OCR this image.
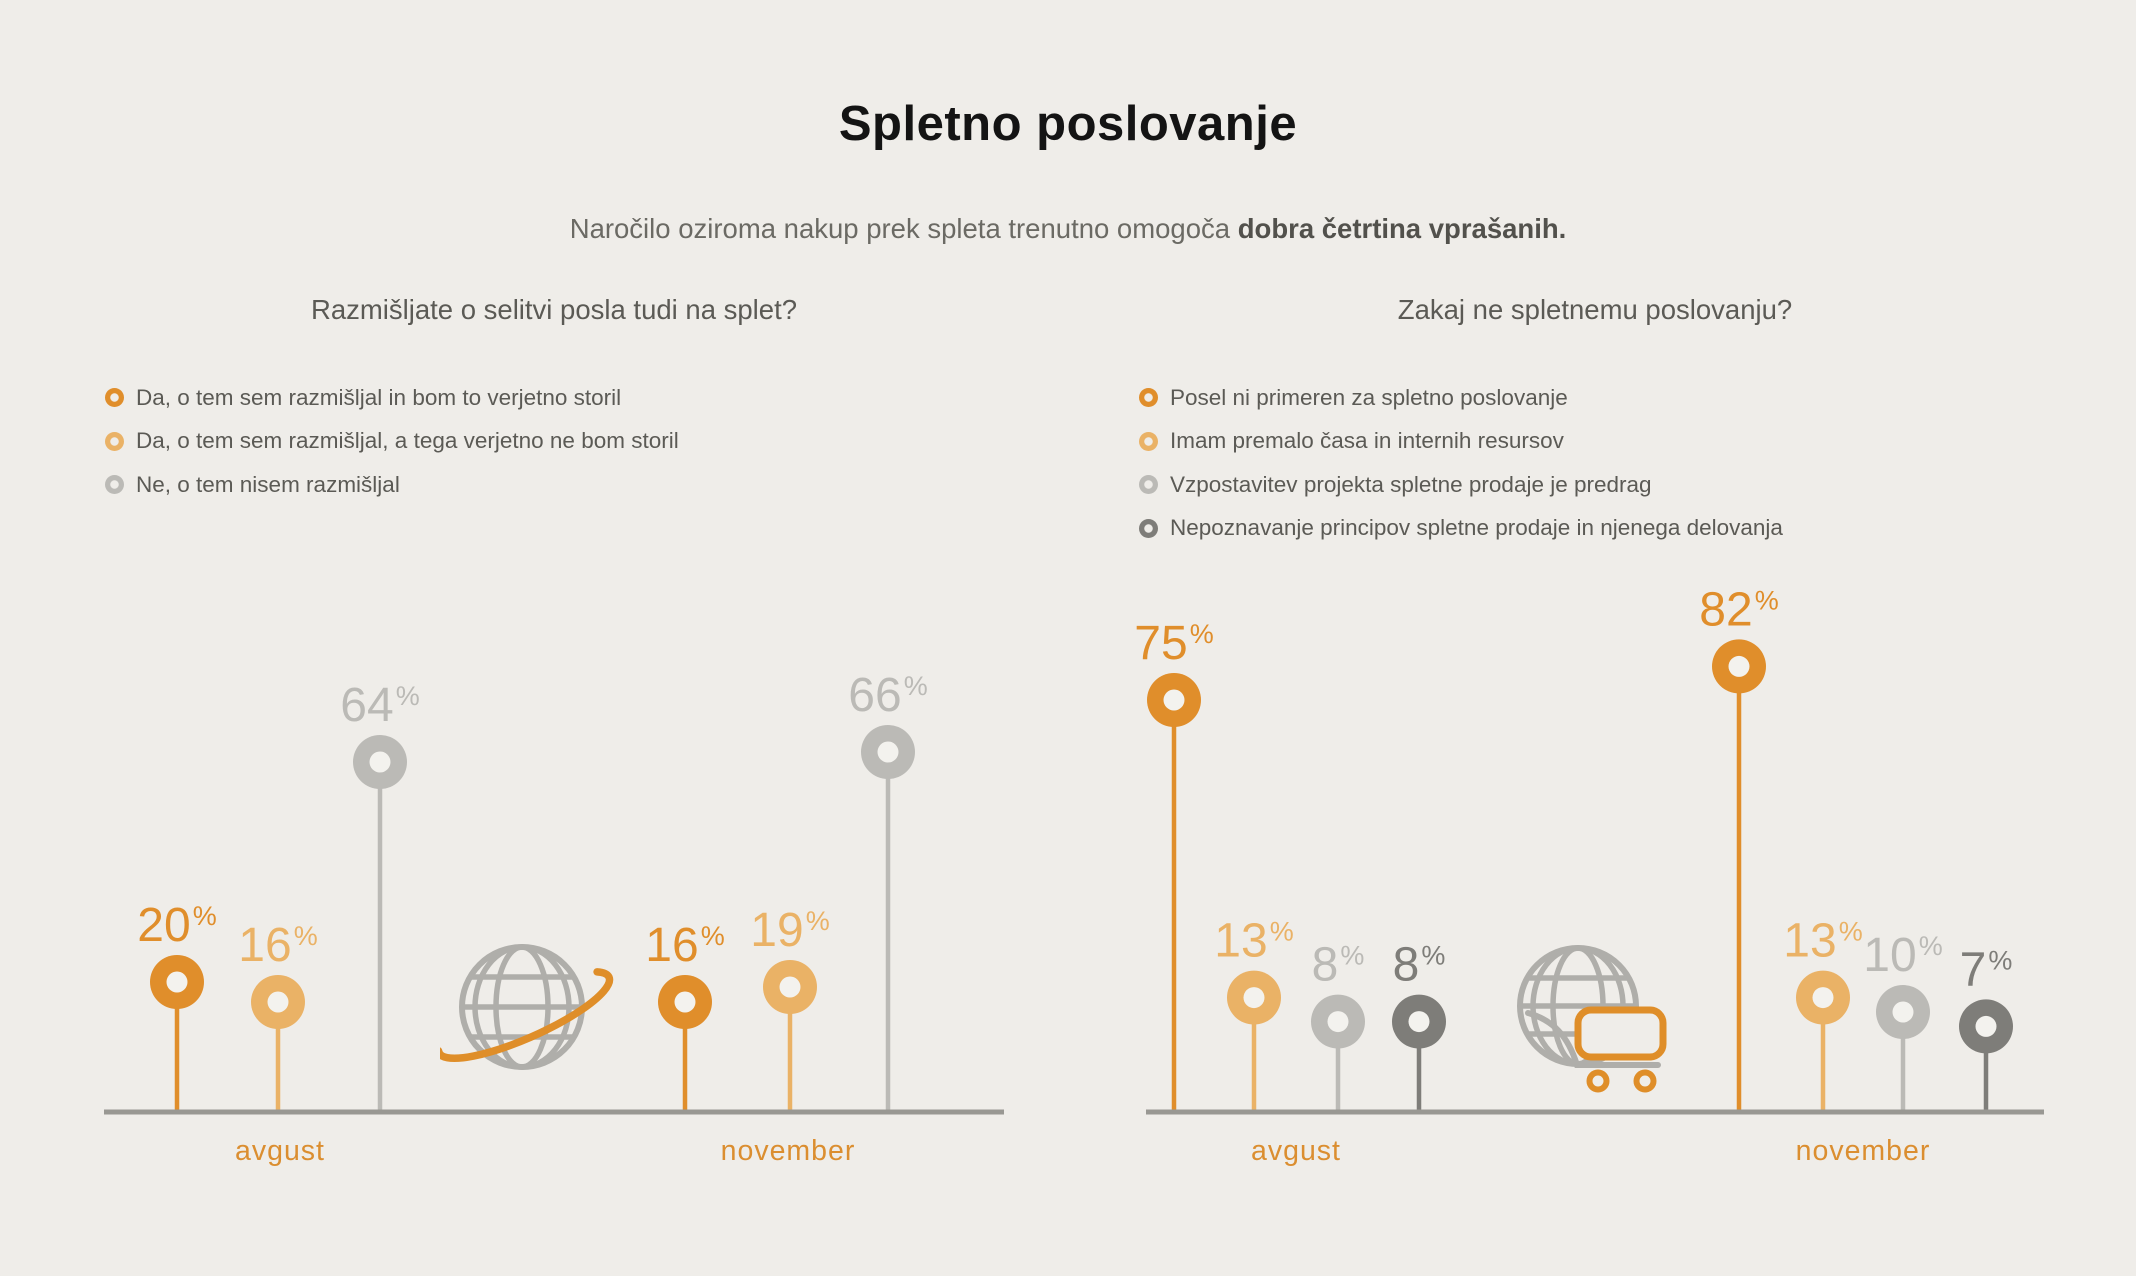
Spletno poslovanje

Naročilo oziroma nakup prek spleta trenutno omogoča dobra četrtina vprašanih.

Razmišljate o selitvi posla tudi na splet?	Zakaj ne spletnemu poslovanju?
Da, o tem sem razmišljal in bom to verjetno storil
Da, o tem sem razmišljal, a tega verjetno ne bom storil
Ne, o tem nisem razmišljal
Posel ni primeren za spletno poslovanje
Imam premalo časa in internih resursov
Vzpostavitev projekta spletne prodaje je predrag
Nepoznavanje principov spletne prodaje in njenega delovanja
20%
16%
64%
16% 19%
66%
avgust	november
75%
13%
8% 8%
82%
13% 10% 7%
avgust	november
